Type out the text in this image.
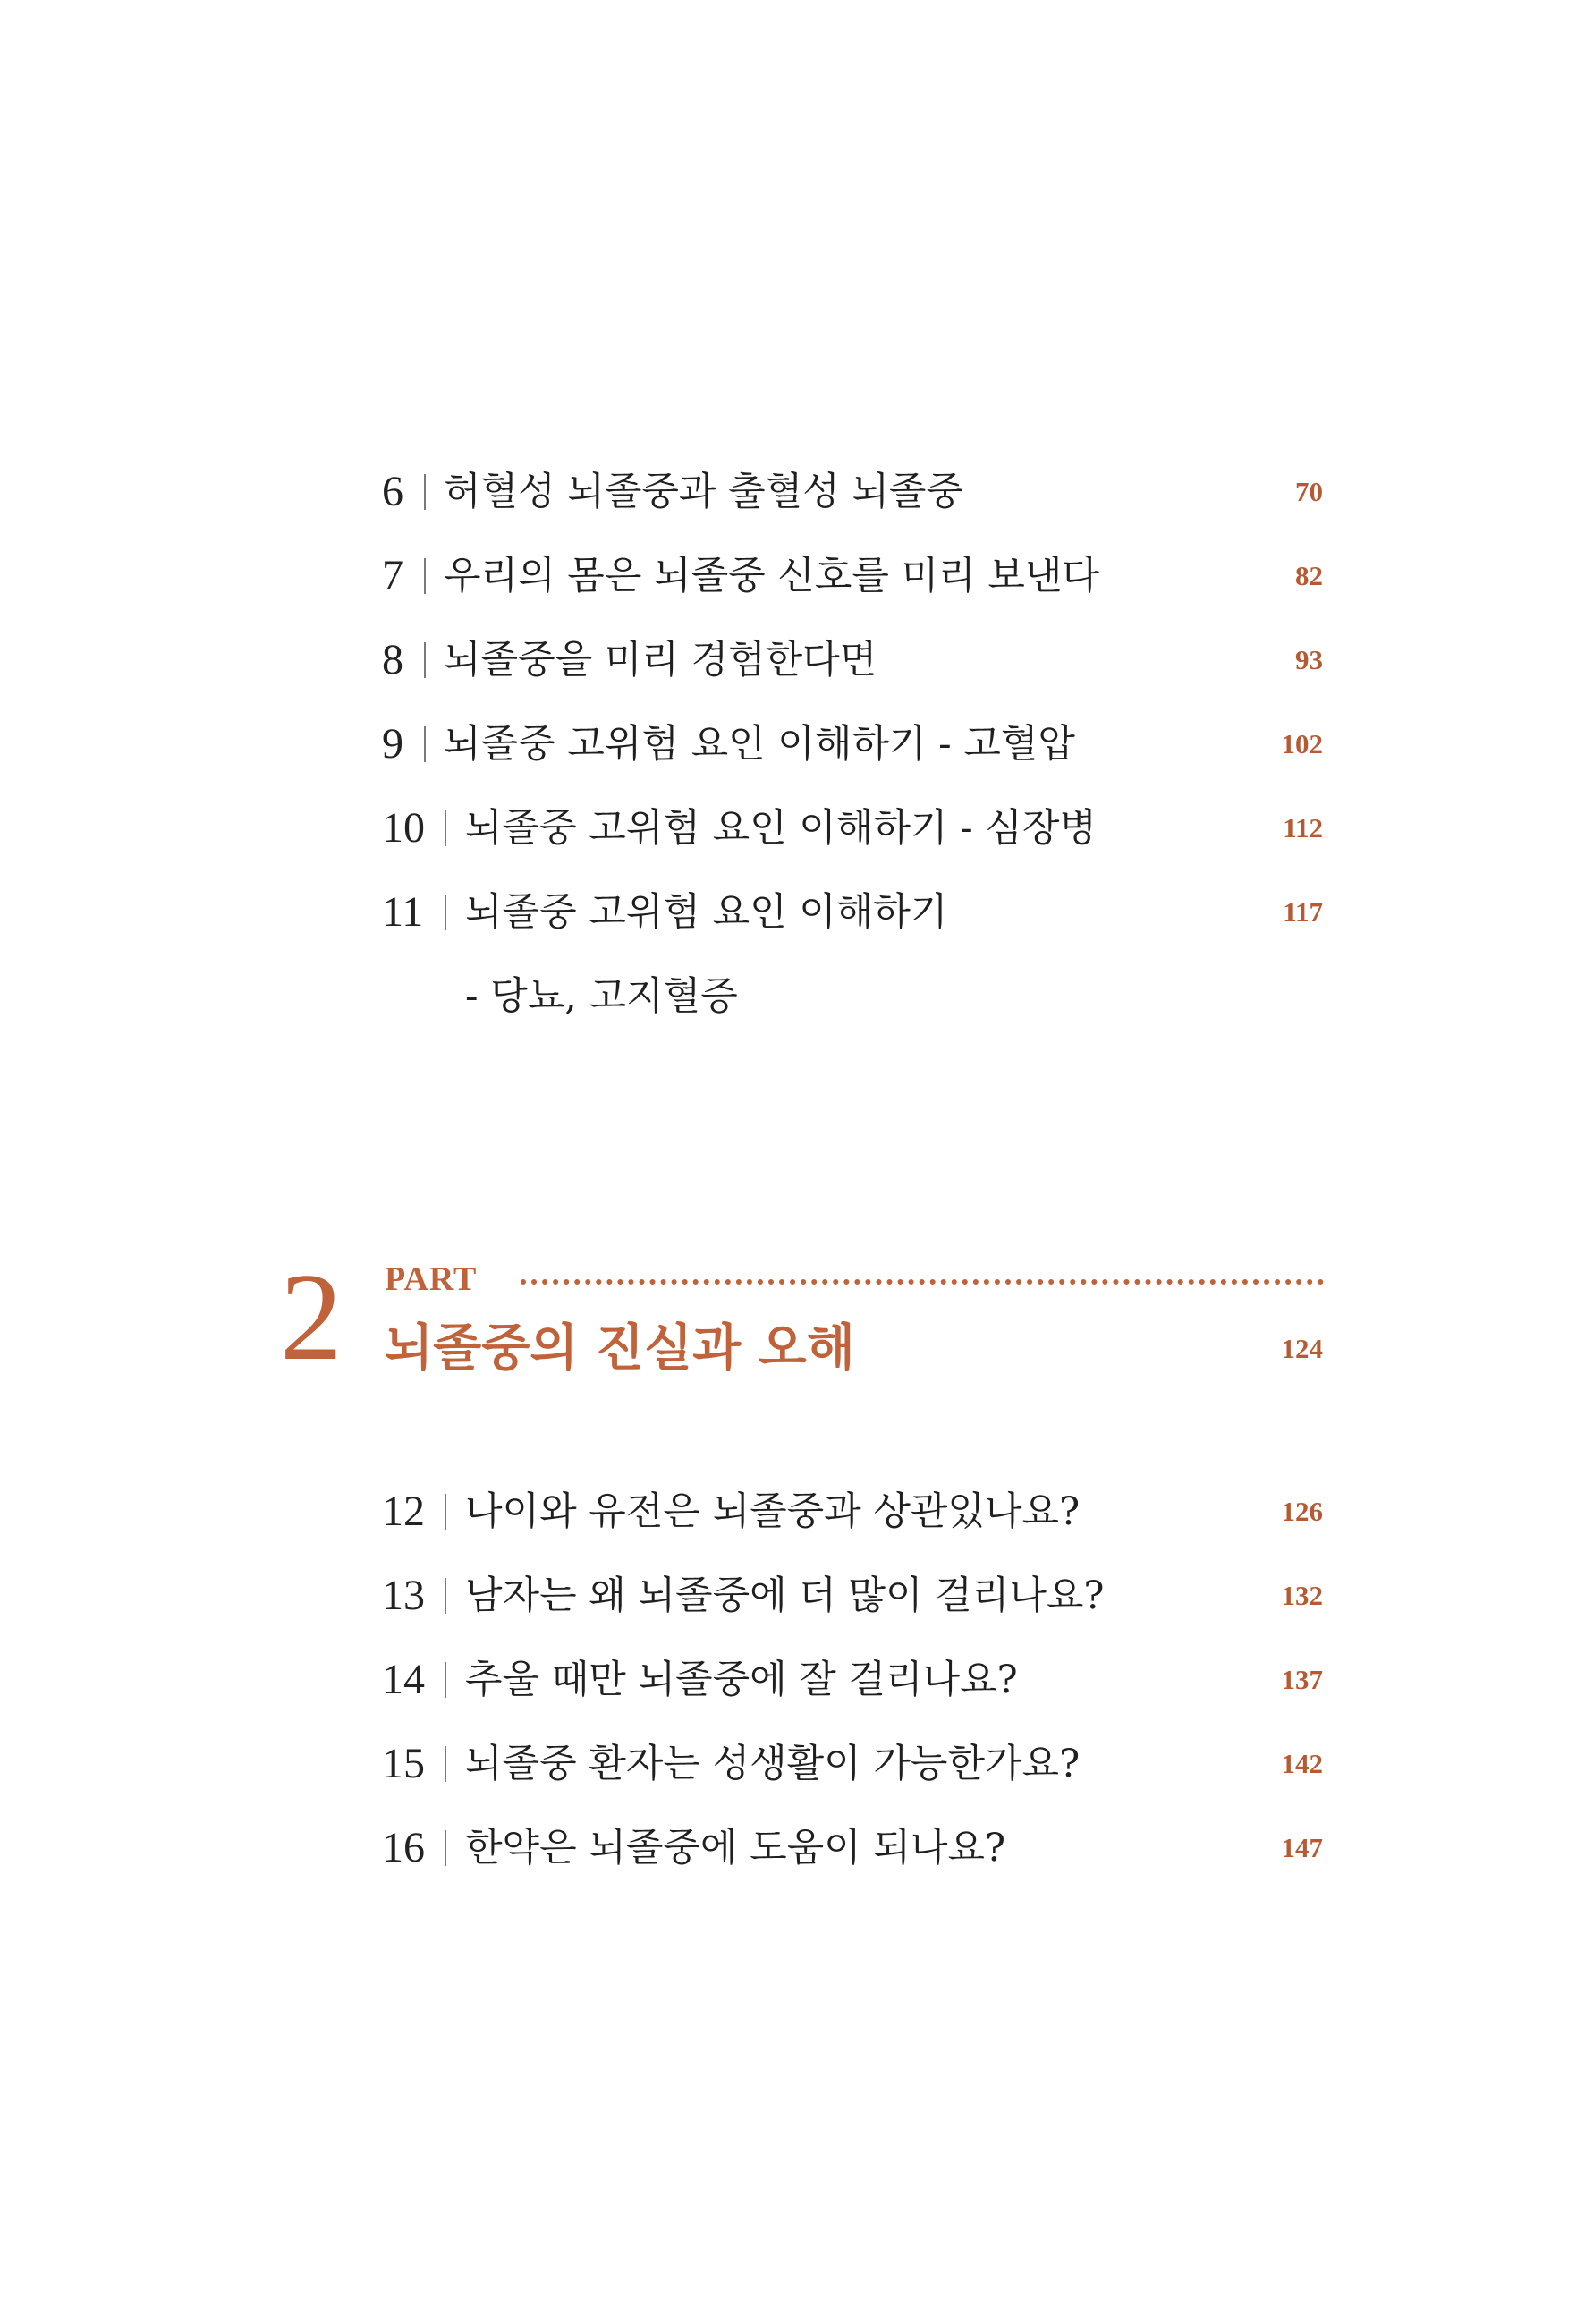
6 허혈성 뇌졸중과 출혈성 뇌졸중	70
7 우리의 몸은 뇌졸중 신호를 미리 보낸다	82
8 뇌졸중을 미리 경험한다면	93
9 뇌졸중 고위험 요인 이해하기 - 고혈압	102
10 뇌졸중 고위험 요인 이해하기 - 심장병	112
11 뇌졸중 고위험 요인 이해하기	117
- 당뇨, 고지혈증
2 PART
뇌졸중의 진실과 오해	124
12 나이와 유전은 뇌졸중과 상관있나요?	126
13 남자는 왜 뇌졸중에 더 많이 걸리나요?	132
14 추울 때만 뇌졸중에 잘 걸리나요?	137
15 뇌졸중 환자는 성생활이 가능한가요?	142
16 한약은 뇌졸중에 도움이 되나요?	147
